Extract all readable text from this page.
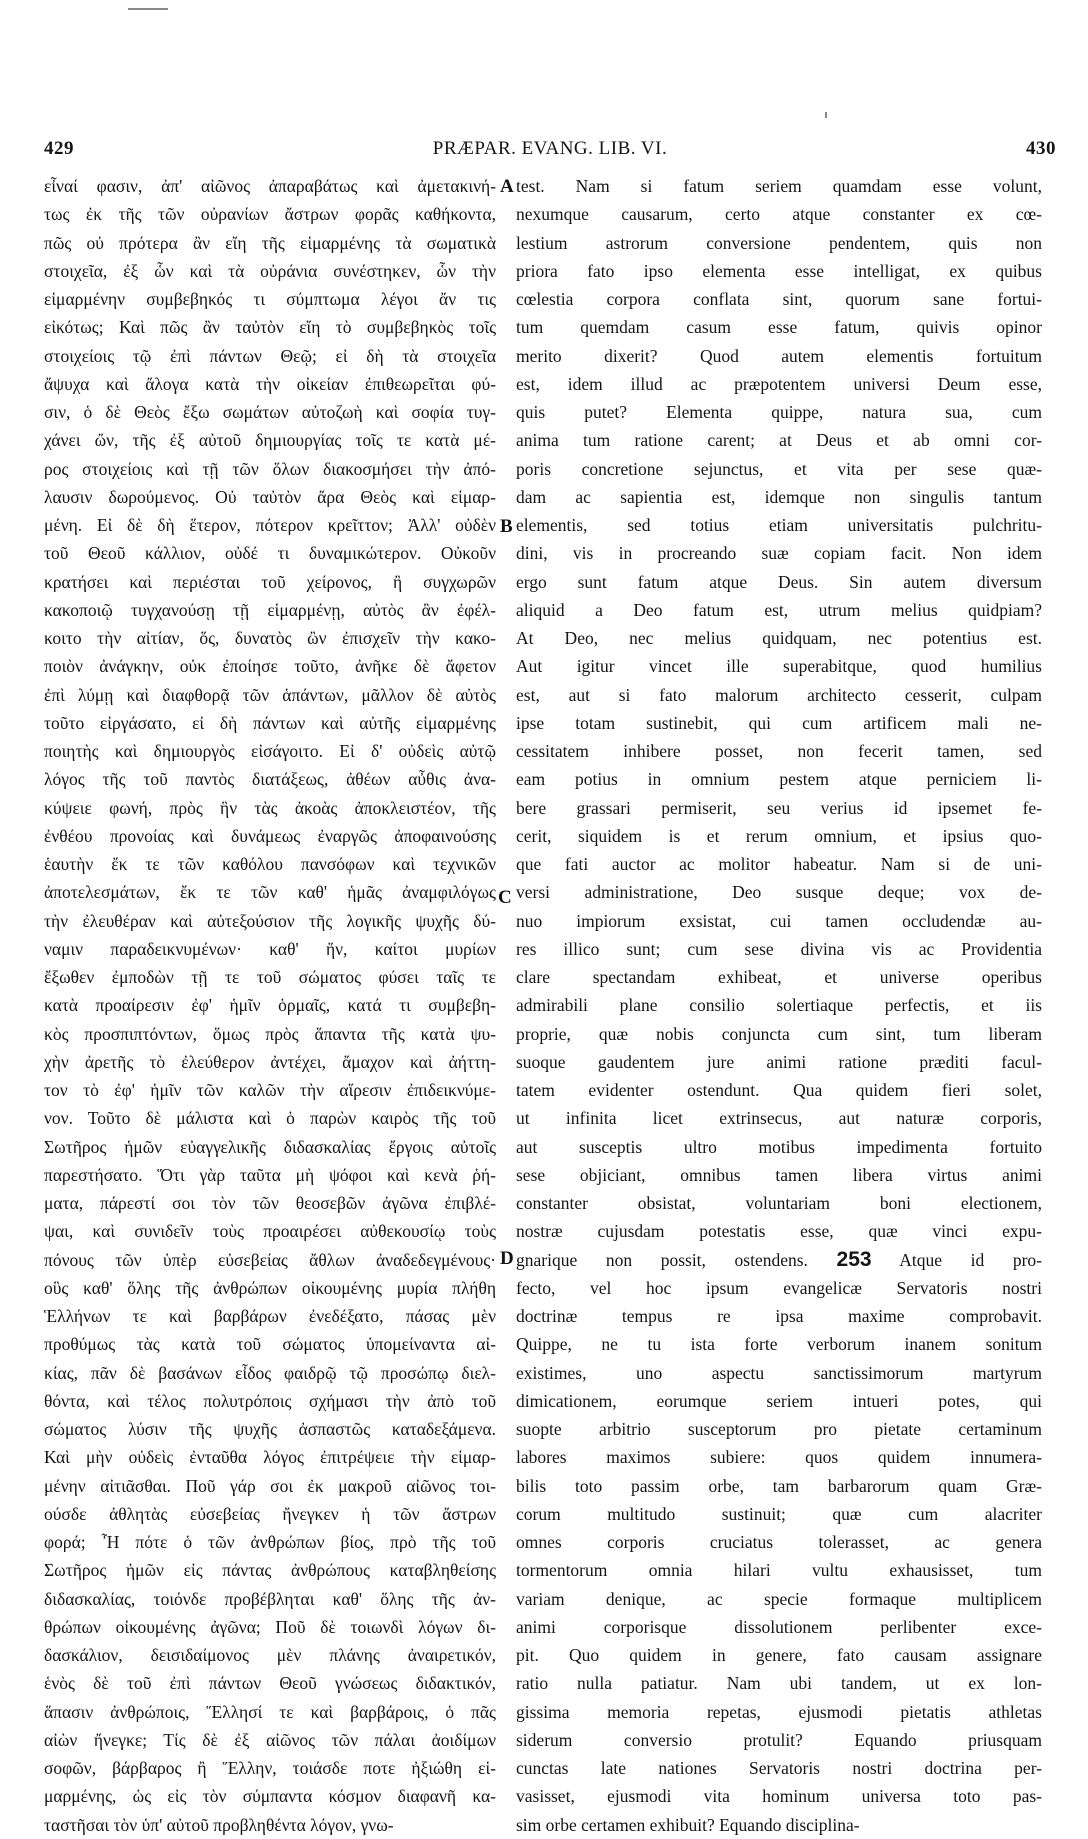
429	PRÆPAR. EVANG. LIB. VI.	430
εἶναί φασιν, ἀπ' αἰῶνος ἀπαραβάτως καὶ ἀμετακινή-
τως ἐκ τῆς τῶν οὐρανίων ἄστρων φορᾶς καθήκοντα,
πῶς οὐ πρότερα ἂν εἴη τῆς εἱμαρμένης τὰ σωματικὰ
στοιχεῖα, ἐξ ὧν καὶ τὰ οὐράνια συνέστηκεν, ὧν τὴν
εἱμαρμένην συμβεβηκός τι σύμπτωμα λέγοι ἄν τις
εἰκότως; Καὶ πῶς ἂν ταὐτὸν εἴη τὸ συμβεβηκὸς τοῖς
στοιχείοις τῷ ἐπὶ πάντων Θεῷ; εἰ δὴ τὰ στοιχεῖα
ἄψυχα καὶ ἄλογα κατὰ τὴν οἰκείαν ἐπιθεωρεῖται φύ-
σιν, ὁ δὲ Θεὸς ἔξω σωμάτων αὐτοζωὴ καὶ σοφία τυγ-
χάνει ὤν, τῆς ἐξ αὐτοῦ δημιουργίας τοῖς τε κατὰ μέ-
ρος στοιχείοις καὶ τῇ τῶν ὅλων διακοσμήσει τὴν ἀπό-
λαυσιν δωρούμενος. Οὐ ταὐτὸν ἄρα Θεὸς καὶ εἱμαρ-
μένη. Εἰ δὲ δὴ ἕτερον, πότερον κρεῖττον; Ἀλλ' οὐδὲν
τοῦ Θεοῦ κάλλιον, οὐδέ τι δυναμικώτερον. Οὐκοῦν
κρατήσει καὶ περιέσται τοῦ χείρονος, ἢ συγχωρῶν
κακοποιῷ τυγχανούσῃ τῇ εἱμαρμένῃ, αὐτὸς ἂν ἐφέλ-
κοιτο τὴν αἰτίαν, ὅς, δυνατὸς ὢν ἐπισχεῖν τὴν κακο-
ποιὸν ἀνάγκην, οὐκ ἐποίησε τοῦτο, ἀνῆκε δὲ ἄφετον
ἐπὶ λύμῃ καὶ διαφθορᾷ τῶν ἁπάντων, μᾶλλον δὲ αὐτὸς
τοῦτο εἰργάσατο, εἰ δὴ πάντων καὶ αὐτῆς εἱμαρμένης
ποιητὴς καὶ δημιουργὸς εἰσάγοιτο. Εἰ δ' οὐδεὶς αὐτῷ
λόγος τῆς τοῦ παντὸς διατάξεως, ἀθέων αὖθις ἀνα-
κύψειε φωνή, πρὸς ἣν τὰς ἀκοὰς ἀποκλειστέον, τῆς
ἐνθέου προνοίας καὶ δυνάμεως ἐναργῶς ἀποφαινούσης
ἑαυτὴν ἔκ τε τῶν καθόλου πανσόφων καὶ τεχνικῶν
ἀποτελεσμάτων, ἔκ τε τῶν καθ' ἡμᾶς ἀναμφιλόγως
τὴν ἐλευθέραν καὶ αὐτεξούσιον τῆς λογικῆς ψυχῆς δύ-
ναμιν παραδεικνυμένων· καθ' ἥν, καίτοι μυρίων
ἔξωθεν ἐμποδὼν τῇ τε τοῦ σώματος φύσει ταῖς τε
κατὰ προαίρεσιν ἐφ' ἡμῖν ὁρμαῖς, κατά τι συμβεβη-
κὸς προσπιπτόντων, ὅμως πρὸς ἅπαντα τῆς κατὰ ψυ-
χὴν ἀρετῆς τὸ ἐλεύθερον ἀντέχει, ἄμαχον καὶ ἀήττη-
τον τὸ ἐφ' ἡμῖν τῶν καλῶν τὴν αἵρεσιν ἐπιδεικνύμε-
νον. Τοῦτο δὲ μάλιστα καὶ ὁ παρὼν καιρὸς τῆς τοῦ
Σωτῆρος ἡμῶν εὐαγγελικῆς διδασκαλίας ἔργοις αὐτοῖς
παρεστήσατο. Ὅτι γὰρ ταῦτα μὴ ψόφοι καὶ κενὰ ῥή-
ματα, πάρεστί σοι τὸν τῶν θεοσεβῶν ἀγῶνα ἐπιβλέ-
ψαι, καὶ συνιδεῖν τοὺς προαιρέσει αὐθεκουσίῳ τοὺς
πόνους τῶν ὑπὲρ εὐσεβείας ἄθλων ἀναδεδεγμένους·
οὓς καθ' ὅλης τῆς ἀνθρώπων οἰκουμένης μυρία πλήθη
Ἑλλήνων τε καὶ βαρβάρων ἐνεδέξατο, πάσας μὲν
προθύμως τὰς κατὰ τοῦ σώματος ὑπομείναντα αἰ-
κίας, πᾶν δὲ βασάνων εἶδος φαιδρῷ τῷ προσώπῳ διελ-
θόντα, καὶ τέλος πολυτρόποις σχήμασι τὴν ἀπὸ τοῦ
σώματος λύσιν τῆς ψυχῆς ἀσπαστῶς καταδεξάμενα.
Καὶ μὴν οὐδεὶς ἐνταῦθα λόγος ἐπιτρέψειε τὴν εἱμαρ-
μένην αἰτιᾶσθαι. Ποῦ γάρ σοι ἐκ μακροῦ αἰῶνος τοι-
ούσδε ἀθλητὰς εὐσεβείας ἤνεγκεν ἡ τῶν ἄστρων
φορά; Ἦ πότε ὁ τῶν ἀνθρώπων βίος, πρὸ τῆς τοῦ
Σωτῆρος ἡμῶν εἰς πάντας ἀνθρώπους καταβληθείσης
διδασκαλίας, τοιόνδε προβέβληται καθ' ὅλης τῆς ἀν-
θρώπων οἰκουμένης ἀγῶνα; Ποῦ δὲ τοιωνδὶ λόγων δι-
δασκάλιον, δεισιδαίμονος μὲν πλάνης ἀναιρετικόν,
ἑνὸς δὲ τοῦ ἐπὶ πάντων Θεοῦ γνώσεως διδακτικόν,
ἅπασιν ἀνθρώποις, Ἕλλησί τε καὶ βαρβάροις, ὁ πᾶς
αἰὼν ἤνεγκε; Τίς δὲ ἐξ αἰῶνος τῶν πάλαι ἀοιδίμων
σοφῶν, βάρβαρος ἢ Ἕλλην, τοιάσδε ποτε ἠξιώθη εἱ-
μαρμένης, ὡς εἰς τὸν σύμπαντα κόσμον διαφανῆ κα-
ταστῆσαι τὸν ὑπ' αὐτοῦ προβληθέντα λόγον, γνω-
test. Nam si fatum seriem quamdam esse volunt,
nexumque causarum, certo atque constanter ex cœ-
lestium astrorum conversione pendentem, quis non
priora fato ipso elementa esse intelligat, ex quibus
cœlestia corpora conflata sint, quorum sane fortui-
tum quemdam casum esse fatum, quivis opinor
merito dixerit? Quod autem elementis fortuitum
est, idem illud ac præpotentem universi Deum esse,
quis putet? Elementa quippe, natura sua, cum
anima tum ratione carent; at Deus et ab omni cor-
poris concretione sejunctus, et vita per sese quæ-
dam ac sapientia est, idemque non singulis tantum
elementis, sed totius etiam universitatis pulchritu-
dini, vis in procreando suæ copiam facit. Non idem
ergo sunt fatum atque Deus. Sin autem diversum
aliquid a Deo fatum est, utrum melius quidpiam?
At Deo, nec melius quidquam, nec potentius est.
Aut igitur vincet ille superabitque, quod humilius
est, aut si fato malorum architecto cesserit, culpam
ipse totam sustinebit, qui cum artificem mali ne-
cessitatem inhibere posset, non fecerit tamen, sed
eam potius in omnium pestem atque perniciem li-
bere grassari permiserit, seu verius id ipsemet fe-
cerit, siquidem is et rerum omnium, et ipsius quo-
que fati auctor ac molitor habeatur. Nam si de uni-
versi administratione, Deo susque deque; vox de-
nuo impiorum exsistat, cui tamen occludendæ au-
res illico sunt; cum sese divina vis ac Providentia
clare spectandam exhibeat, et universe operibus
admirabili plane consilio solertiaque perfectis, et iis
proprie, quæ nobis conjuncta cum sint, tum liberam
suoque gaudentem jure animi ratione præditi facul-
tatem evidenter ostendunt. Qua quidem fieri solet,
ut infinita licet extrinsecus, aut naturæ corporis,
aut susceptis ultro motibus impedimenta fortuito
sese objiciant, omnibus tamen libera virtus animi
constanter obsistat, voluntariam boni electionem,
nostræ cujusdam potestatis esse, quæ vinci expu-
gnarique non possit, ostendens. 253 Atque id pro-
fecto, vel hoc ipsum evangelicæ Servatoris nostri
doctrinæ tempus re ipsa maxime comprobavit.
Quippe, ne tu ista forte verborum inanem sonitum
existimes, uno aspectu sanctissimorum martyrum
dimicationem, eorumque seriem intueri potes, qui
suopte arbitrio susceptorum pro pietate certaminum
labores maximos subiere: quos quidem innumera-
bilis toto passim orbe, tam barbarorum quam Græ-
corum multitudo sustinuit; quæ cum alacriter
omnes corporis cruciatus tolerasset, ac genera
tormentorum omnia hilari vultu exhausisset, tum
variam denique, ac specie formaque multiplicem
animi corporisque dissolutionem perlibenter exce-
pit. Quo quidem in genere, fato causam assignare
ratio nulla patiatur. Nam ubi tandem, ut ex lon-
gissima memoria repetas, ejusmodi pietatis athletas
siderum conversio protulit? Equando priusquam
cunctas late nationes Servatoris nostri doctrina per-
vasisset, ejusmodi vita hominum universa toto pas-
sim orbe certamen exhibuit? Equando disciplina-
A
B
C
D
